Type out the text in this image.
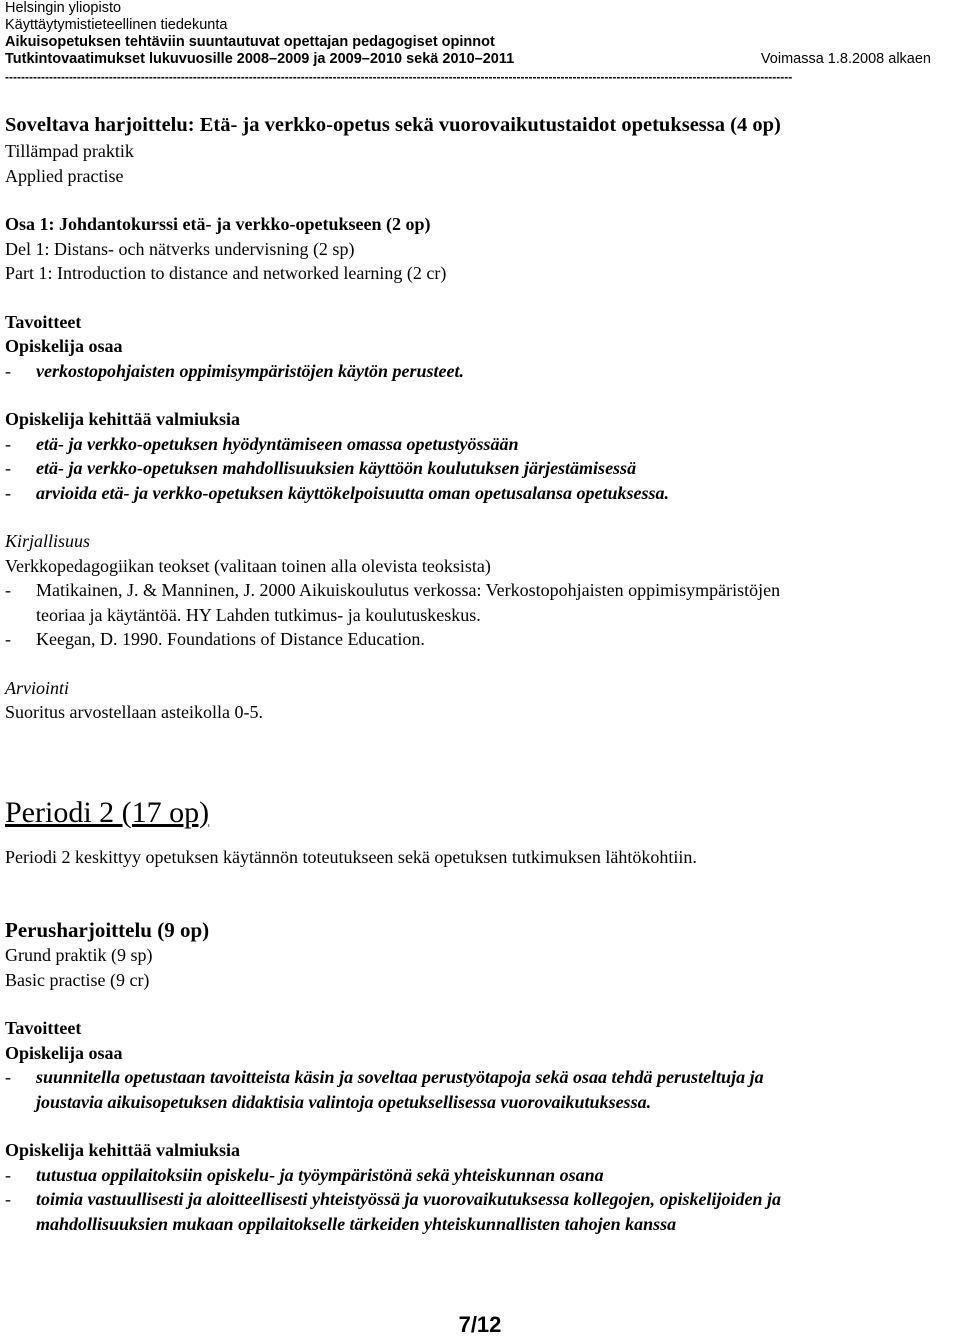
Helsingin yliopisto
Käyttäytymistieteellinen tiedekunta
Aikuisopetuksen tehtäviin suuntautuvat opettajan pedagogiset opinnot
Tutkintovaatimukset lukuvuosille 2008–2009 ja 2009–2010 sekä 2010–2011	Voimassa 1.8.2008 alkaen
-----------------------------------------------------------------------------------------------------------------------------------------------------------------------------------------------------

Soveltava harjoittelu: Etä- ja verkko-opetus sekä vuorovaikutustaidot opetuksessa (4 op)

Tillämpad praktik

Applied practise

Osa 1: Johdantokurssi etä- ja verkko-opetukseen (2 op)

Del 1: Distans- och nätverks undervisning (2 sp)

Part 1: Introduction to distance and networked learning (2 cr)

Tavoitteet

Opiskelija osaa

-	verkostopohjaisten oppimisympäristöjen käytön perusteet.

Opiskelija kehittää valmiuksia

-	etä- ja verkko-opetuksen hyödyntämiseen omassa opetustyössään
-	etä- ja verkko-opetuksen mahdollisuuksien käyttöön koulutuksen järjestämisessä
-	arvioida etä- ja verkko-opetuksen käyttökelpoisuutta oman opetusalansa opetuksessa.

Kirjallisuus

Verkkopedagogiikan teokset (valitaan toinen alla olevista teoksista)

-	Matikainen, J. & Manninen, J. 2000 Aikuiskoulutus verkossa: Verkostopohjaisten oppimisympäristöjen

teoriaa ja käytäntöä. HY Lahden tutkimus- ja koulutuskeskus.

-	Keegan, D. 1990. Foundations of Distance Education.

Arviointi

Suoritus arvostellaan asteikolla 0-5.

Periodi 2 (17 op)

Periodi 2 keskittyy opetuksen käytännön toteutukseen sekä opetuksen tutkimuksen lähtökohtiin.

Perusharjoittelu (9 op)

Grund praktik (9 sp)

Basic practise (9 cr)

Tavoitteet

Opiskelija osaa

-	suunnitella opetustaan tavoitteista käsin ja soveltaa perustyötapoja sekä osaa tehdä perusteltuja ja

joustavia aikuisopetuksen didaktisia valintoja opetuksellisessa vuorovaikutuksessa.

Opiskelija kehittää valmiuksia

-	tutustua oppilaitoksiin opiskelu- ja työympäristönä sekä yhteiskunnan osana
-	toimia vastuullisesti ja aloitteellisesti yhteistyössä ja vuorovaikutuksessa kollegojen, opiskelijoiden ja

mahdollisuuksien mukaan oppilaitokselle tärkeiden yhteiskunnallisten tahojen kanssa

7/12
